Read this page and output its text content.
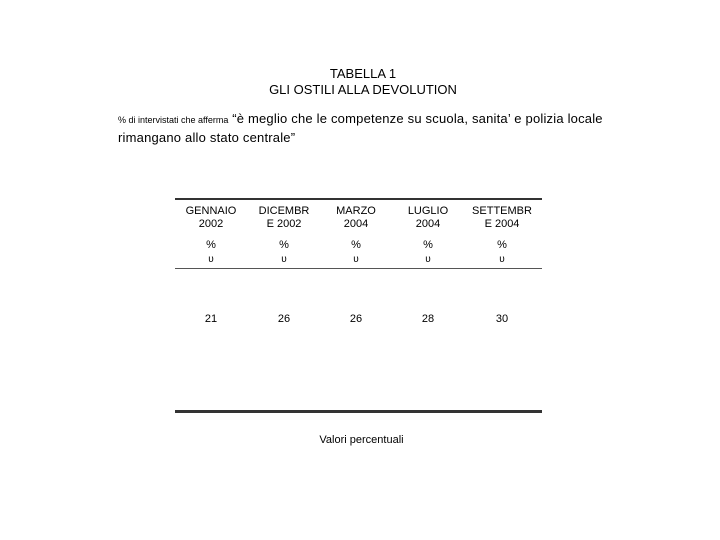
TABELLA 1
GLI OSTILI ALLA DEVOLUTION
% di intervistati che afferma “è meglio che le competenze su scuola, sanita’ e polizia locale rimangano allo stato centrale”
GENNAIO
2002
%
υ
21
DICEMBR
E 2002
%
υ
26
MARZO
2004
%
υ
26
LUGLIO
2004
%
υ
28
SETTEMBR
E 2004
%
υ
30
Valori percentuali
